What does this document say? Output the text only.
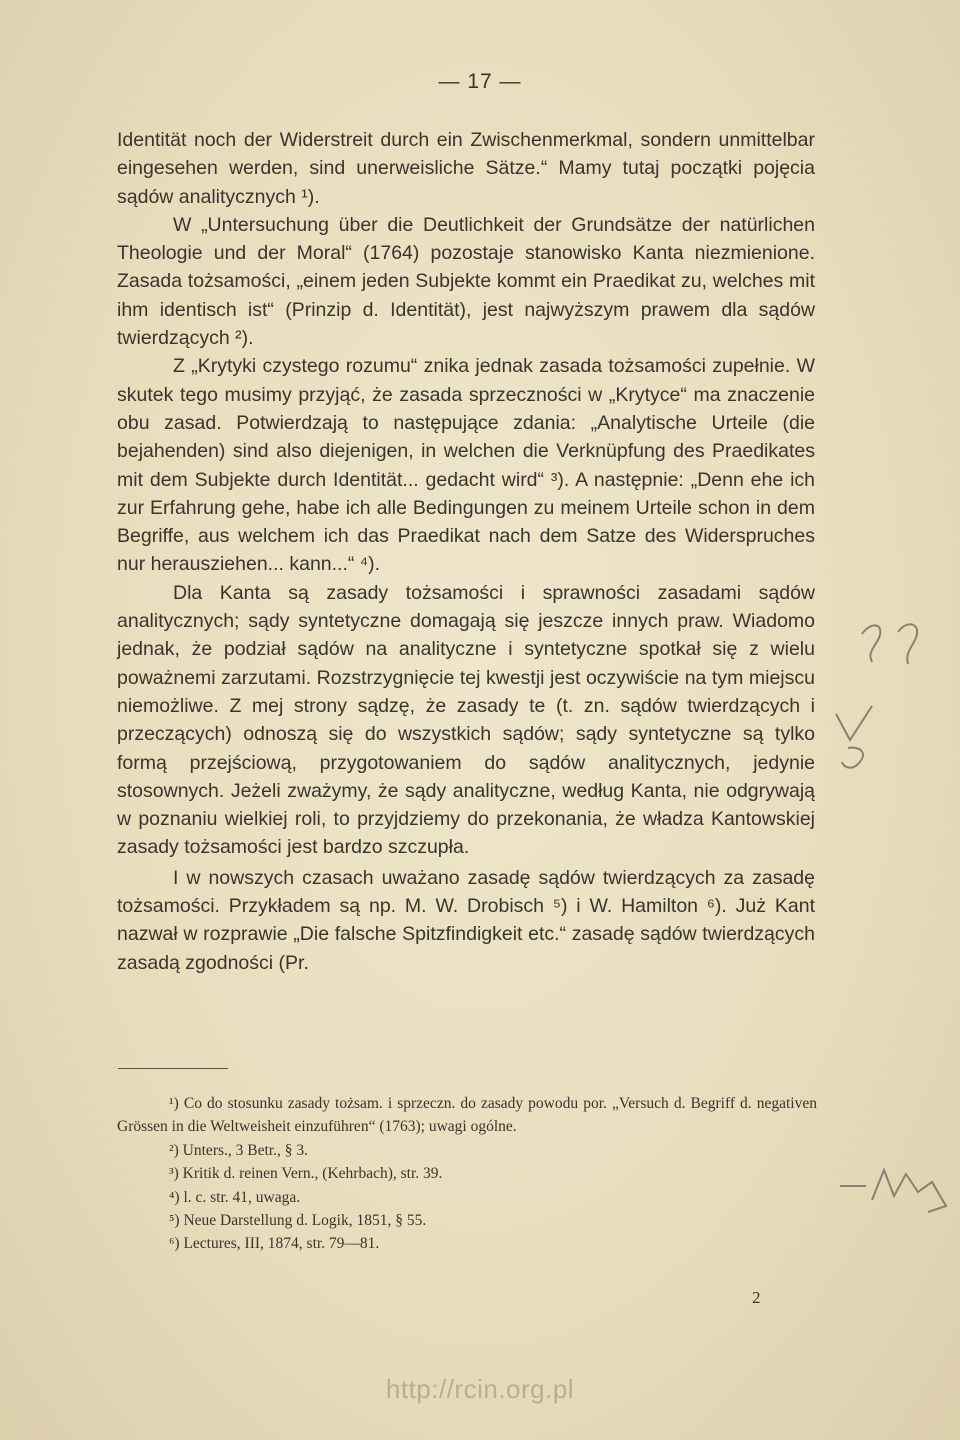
— 17 —

Identität noch der Widerstreit durch ein Zwischenmerkmal, sondern unmittelbar eingesehen werden, sind unerweisliche Sätze.“ Mamy tutaj początki pojęcia sądów analitycznych ¹).

W „Untersuchung über die Deutlichkeit der Grundsätze der natürlichen Theologie und der Moral“ (1764) pozostaje stanowisko Kanta niezmienione. Zasada tożsamości, „einem jeden Subjekte kommt ein Praedikat zu, welches mit ihm identisch ist“ (Prinzip d. Identität), jest najwyższym prawem dla sądów twierdzących ²).

Z „Krytyki czystego rozumu“ znika jednak zasada tożsamości zupełnie. W skutek tego musimy przyjąć, że zasada sprzeczności w „Krytyce“ ma znaczenie obu zasad. Potwierdzają to następujące zdania: „Analytische Urteile (die bejahenden) sind also diejenigen, in welchen die Verknüpfung des Praedikates mit dem Subjekte durch Identität... gedacht wird“ ³). A następnie: „Denn ehe ich zur Erfahrung gehe, habe ich alle Bedingungen zu meinem Urteile schon in dem Begriffe, aus welchem ich das Praedikat nach dem Satze des Widerspruches nur herausziehen... kann...“ ⁴).

Dla Kanta są zasady tożsamości i sprawności zasadami sądów analitycznych; sądy syntetyczne domagają się jeszcze innych praw. Wiadomo jednak, że podział sądów na analityczne i syntetyczne spotkał się z wielu poważnemi zarzutami. Rozstrzygnięcie tej kwestji jest oczywiście na tym miejscu niemożliwe. Z mej strony sądzę, że zasady te (t. zn. sądów twierdzących i przeczących) odnoszą się do wszystkich sądów; sądy syntetyczne są tylko formą przejściową, przygotowaniem do sądów analitycznych, jedynie stosownych. Jeżeli zważymy, że sądy analityczne, według Kanta, nie odgrywają w poznaniu wielkiej roli, to przyjdziemy do przekonania, że władza Kantowskiej zasady tożsamości jest bardzo szczupła.

I w nowszych czasach uważano zasadę sądów twierdzących za zasadę tożsamości. Przykładem są np. M. W. Drobisch ⁵) i W. Hamilton ⁶). Już Kant nazwał w rozprawie „Die falsche Spitzfindigkeit etc.“ zasadę sądów twierdzących zasadą zgodności (Pr.

¹) Co do stosunku zasady tożsam. i sprzeczn. do zasady powodu por. „Versuch d. Begriff d. negativen Grössen in die Weltweisheit einzuführen“ (1763); uwagi ogólne.

²) Unters., 3 Betr., § 3.

³) Kritik d. reinen Vern., (Kehrbach), str. 39.

⁴) l. c. str. 41, uwaga.

⁵) Neue Darstellung d. Logik, 1851, § 55.

⁶) Lectures, III, 1874, str. 79—81.

2
http://rcin.org.pl
